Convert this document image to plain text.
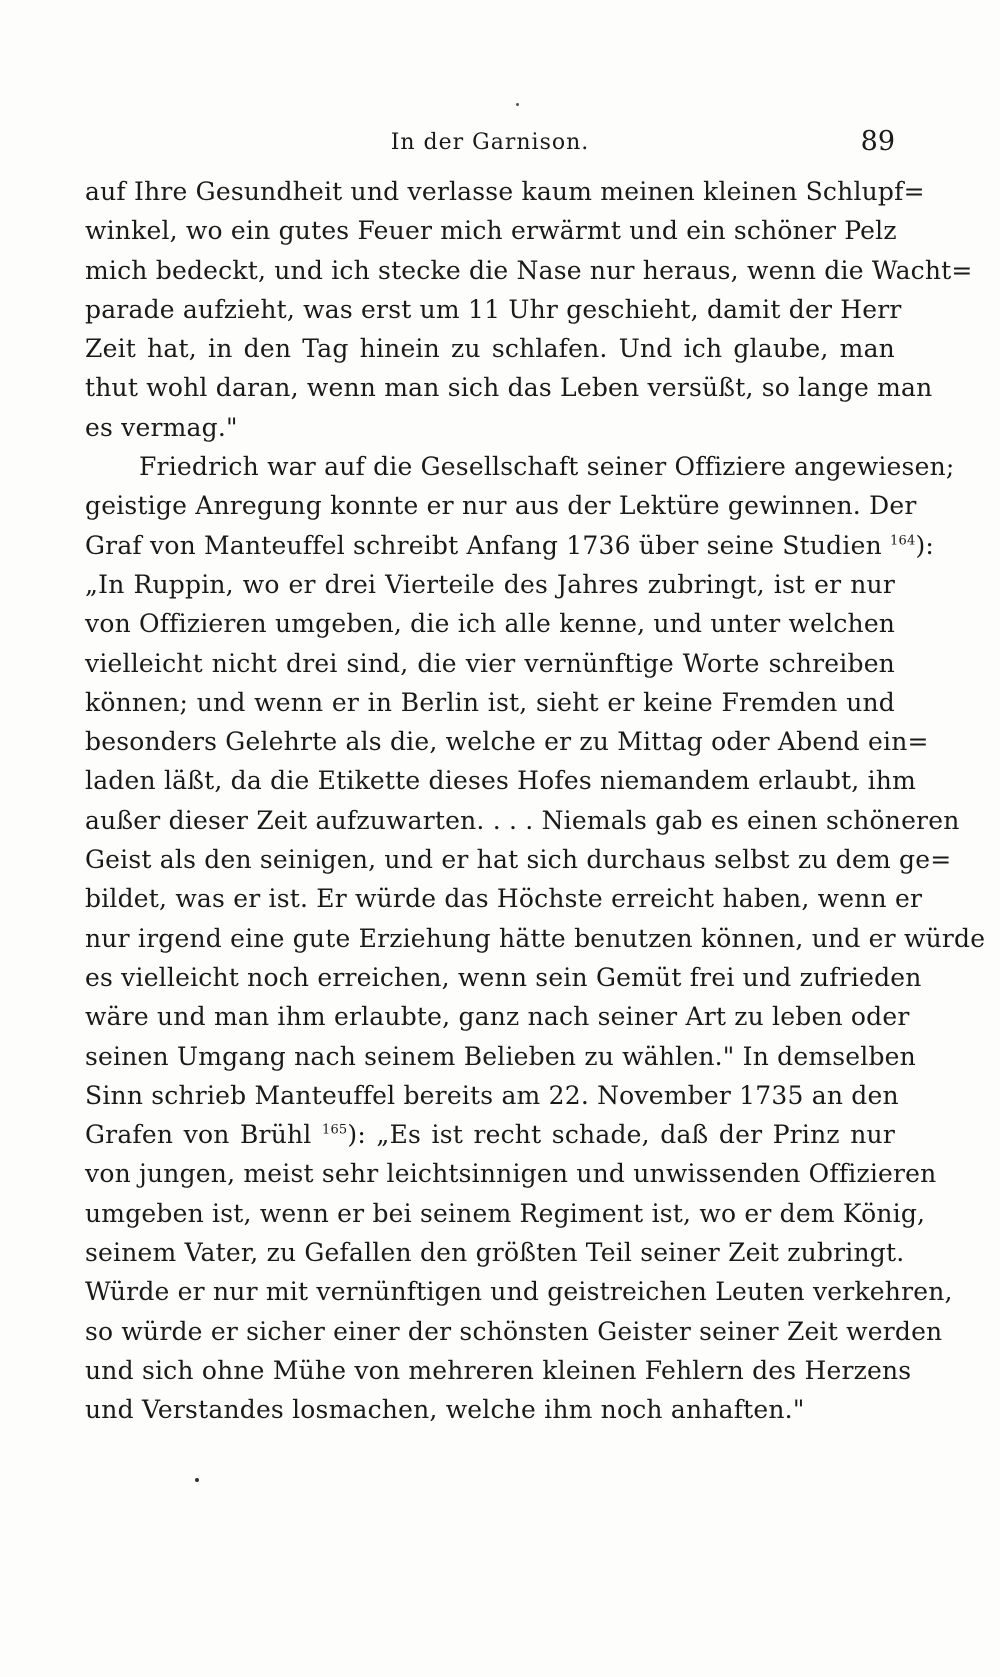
In der Garnison.	89
auf Ihre Gesundheit und verlasse kaum meinen kleinen Schlupf=
winkel, wo ein gutes Feuer mich erwärmt und ein schöner Pelz
mich bedeckt, und ich stecke die Nase nur heraus, wenn die Wacht=
parade aufzieht, was erst um 11 Uhr geschieht, damit der Herr
Zeit hat, in den Tag hinein zu schlafen. Und ich glaube, man
thut wohl daran, wenn man sich das Leben versüßt, so lange man
es vermag."
Friedrich war auf die Gesellschaft seiner Offiziere angewiesen;
geistige Anregung konnte er nur aus der Lektüre gewinnen. Der
Graf von Manteuffel schreibt Anfang 1736 über seine Studien $^{164}$):
„In Ruppin, wo er drei Vierteile des Jahres zubringt, ist er nur
von Offizieren umgeben, die ich alle kenne, und unter welchen
vielleicht nicht drei sind, die vier vernünftige Worte schreiben
können; und wenn er in Berlin ist, sieht er keine Fremden und
besonders Gelehrte als die, welche er zu Mittag oder Abend ein=
laden läßt, da die Etikette dieses Hofes niemandem erlaubt, ihm
außer dieser Zeit aufzuwarten. . . . Niemals gab es einen schöneren
Geist als den seinigen, und er hat sich durchaus selbst zu dem ge=
bildet, was er ist. Er würde das Höchste erreicht haben, wenn er
nur irgend eine gute Erziehung hätte benutzen können, und er würde
es vielleicht noch erreichen, wenn sein Gemüt frei und zufrieden
wäre und man ihm erlaubte, ganz nach seiner Art zu leben oder
seinen Umgang nach seinem Belieben zu wählen." In demselben
Sinn schrieb Manteuffel bereits am 22. November 1735 an den
Grafen von Brühl $^{165}$): „Es ist recht schade, daß der Prinz nur
von jungen, meist sehr leichtsinnigen und unwissenden Offizieren
umgeben ist, wenn er bei seinem Regiment ist, wo er dem König,
seinem Vater, zu Gefallen den größten Teil seiner Zeit zubringt.
Würde er nur mit vernünftigen und geistreichen Leuten verkehren,
so würde er sicher einer der schönsten Geister seiner Zeit werden
und sich ohne Mühe von mehreren kleinen Fehlern des Herzens
und Verstandes losmachen, welche ihm noch anhaften."
